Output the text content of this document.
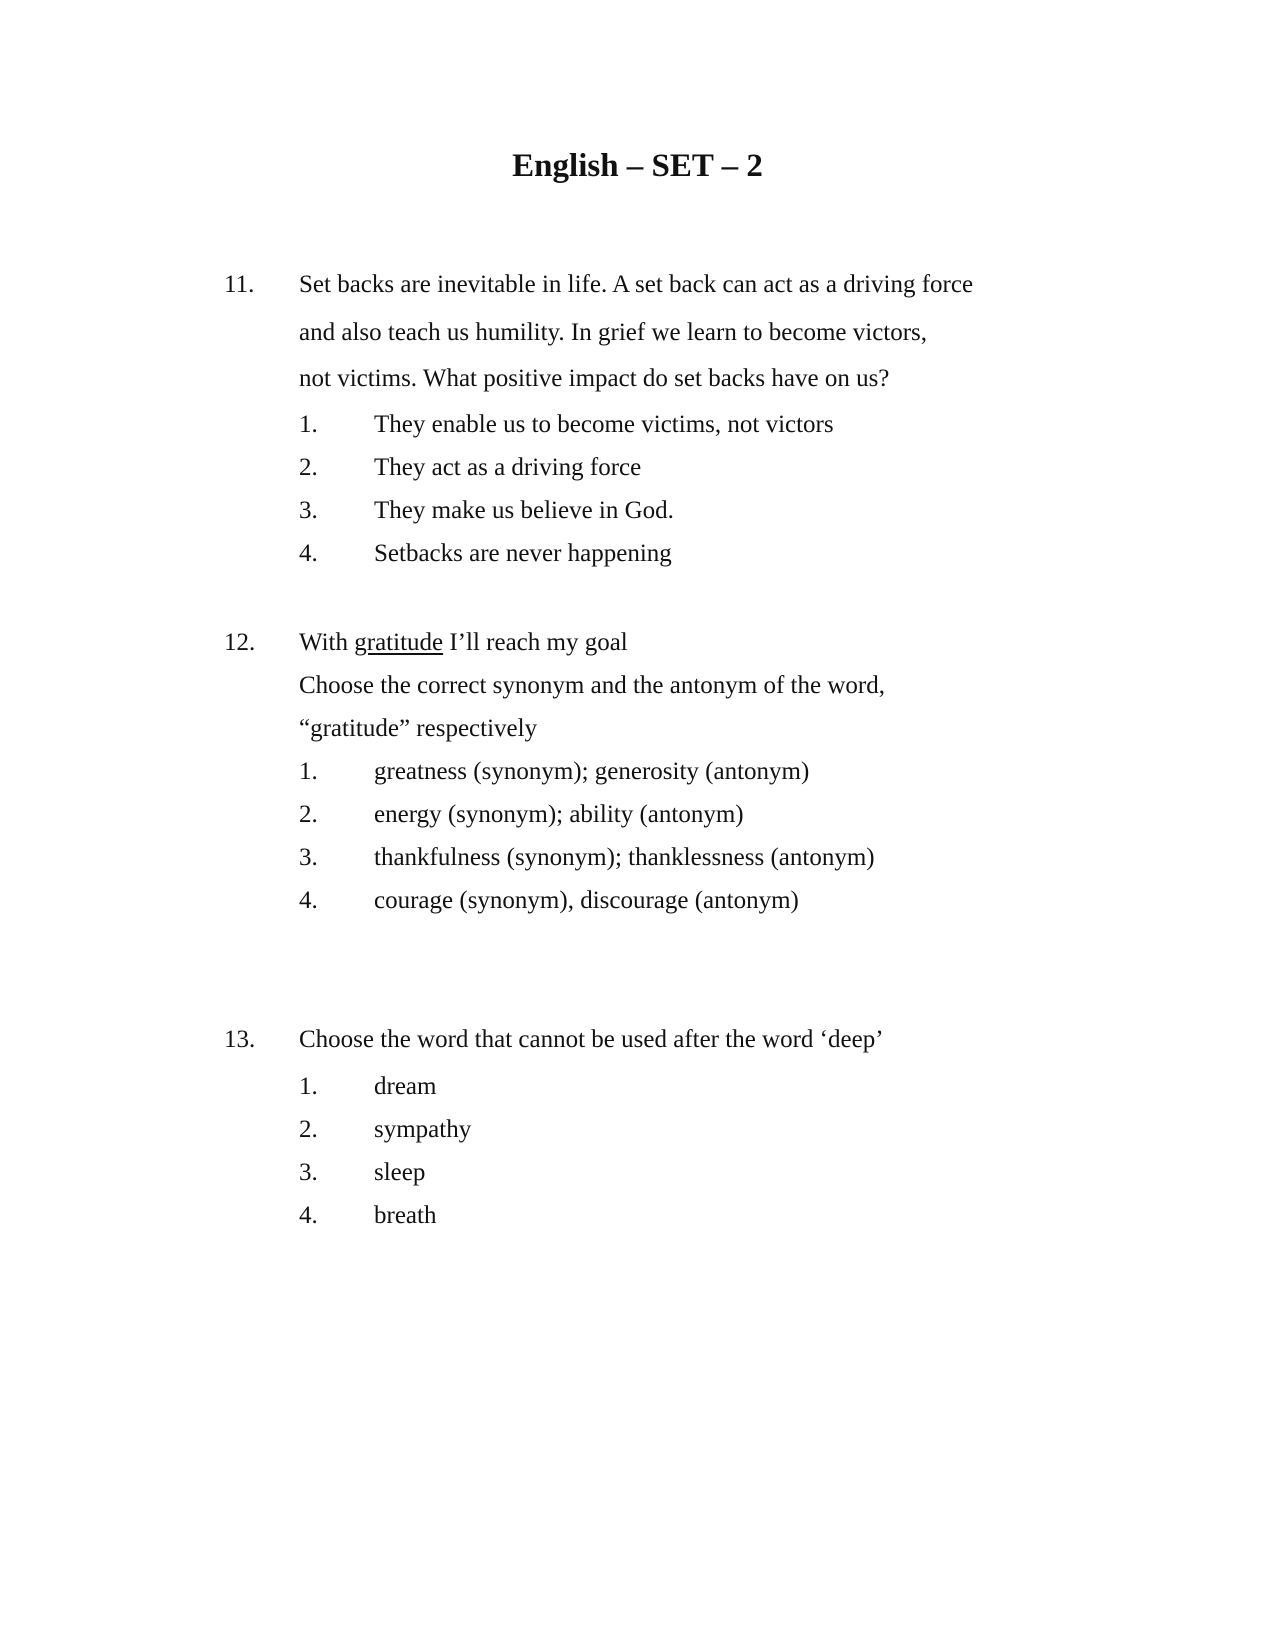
English – SET – 2
11. Set backs are inevitable in life. A set back can act as a driving force
and also teach us humility. In grief we learn to become victors,
not victims. What positive impact do set backs have on us?
1. They enable us to become victims, not victors
2. They act as a driving force
3. They make us believe in God.
4. Setbacks are never happening
12. With gratitude I’ll reach my goal
Choose the correct synonym and the antonym of the word,
“gratitude” respectively
1. greatness (synonym); generosity (antonym)
2. energy (synonym); ability (antonym)
3. thankfulness (synonym); thanklessness (antonym)
4. courage (synonym), discourage (antonym)
13. Choose the word that cannot be used after the word ‘deep’
1. dream
2. sympathy
3. sleep
4. breath
